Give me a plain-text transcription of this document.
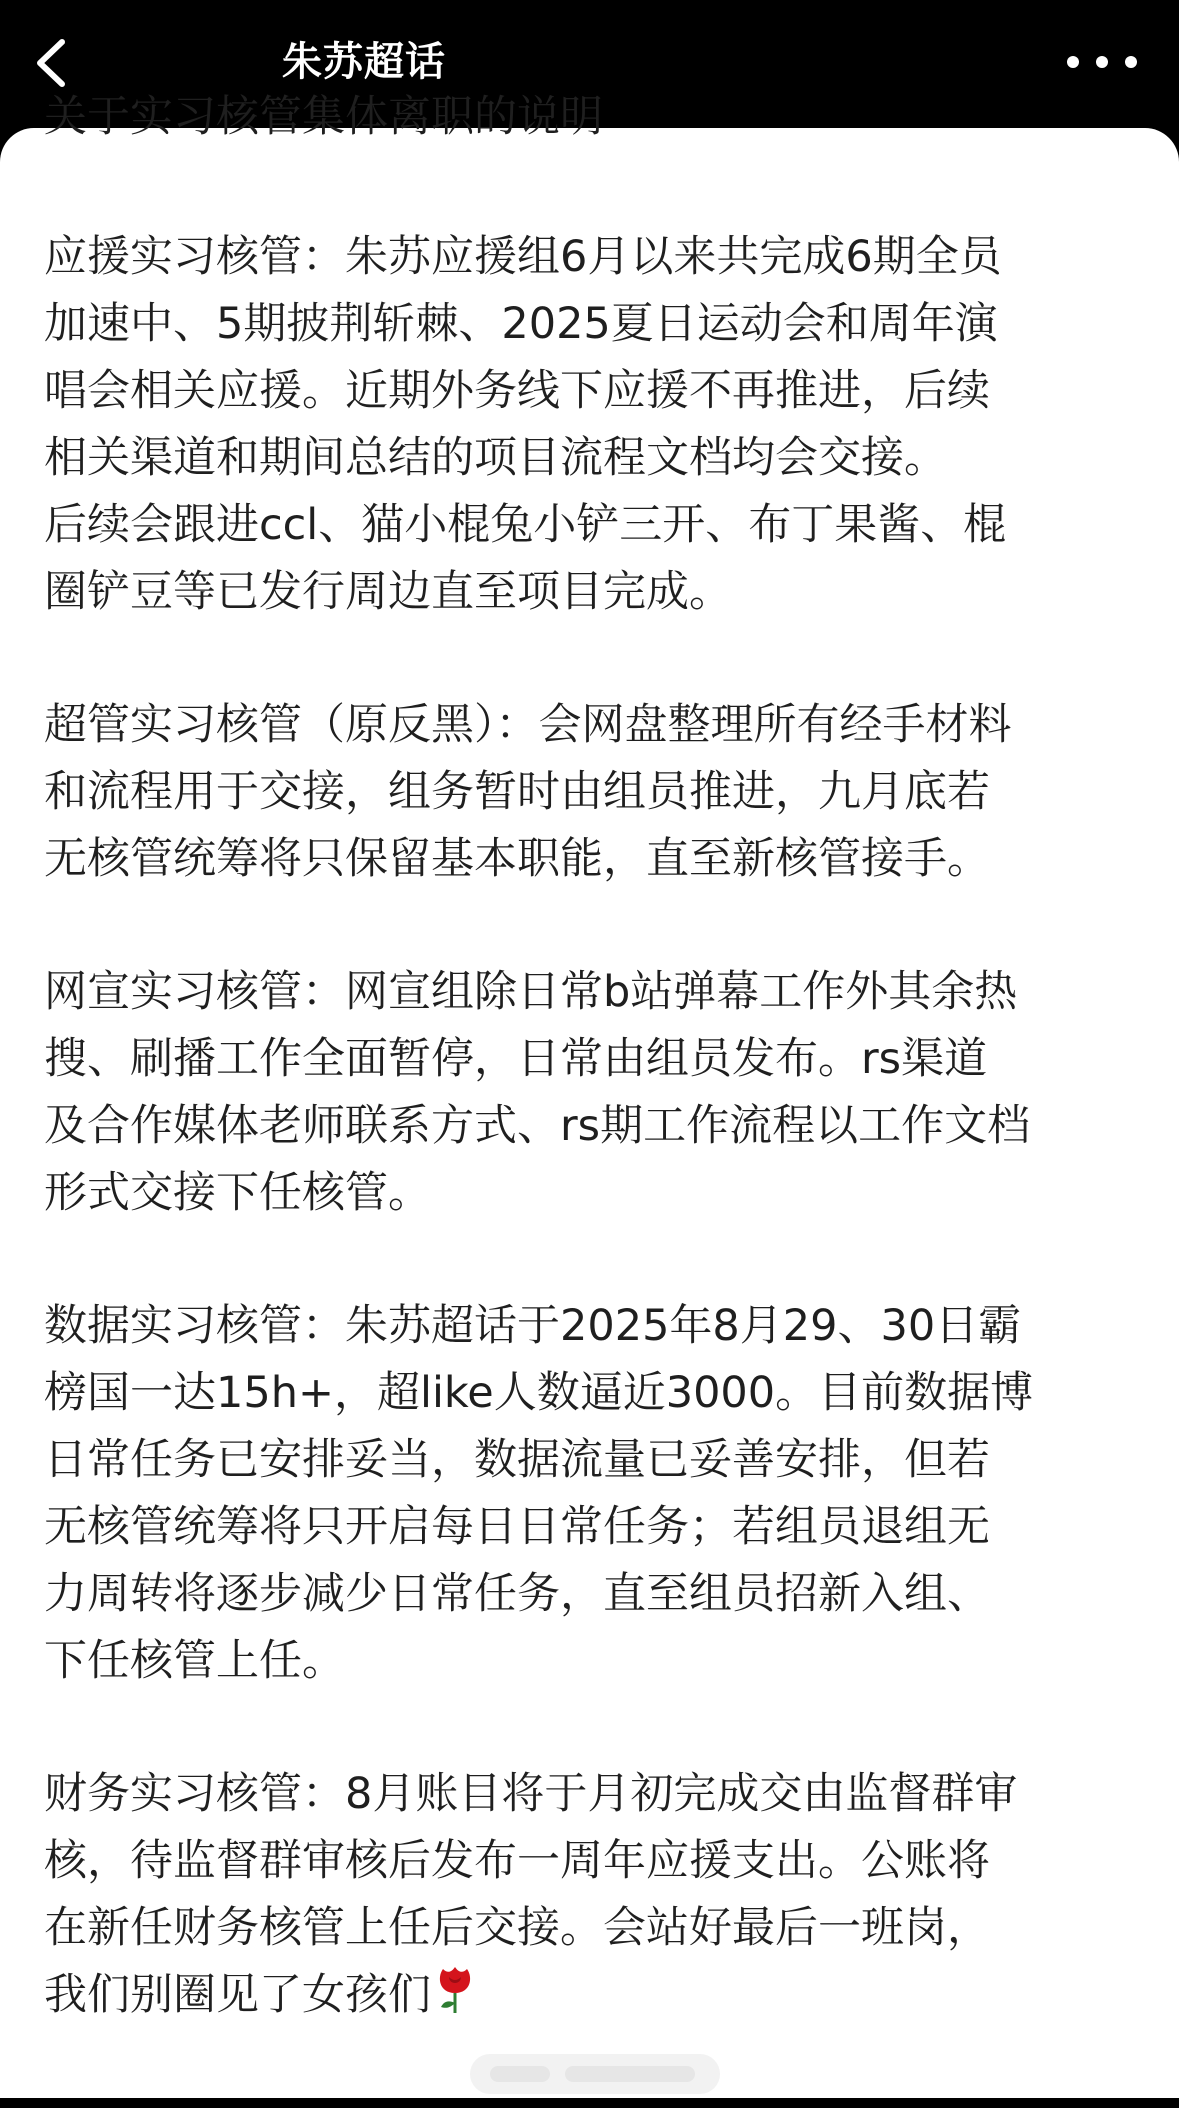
朱苏超话
关于实习核管集体离职的说明
应援实习核管：朱苏应援组6月以来共完成6期全员
加速中、5期披荆斩棘、2025夏日运动会和周年演
唱会相关应援。近期外务线下应援不再推进，后续
相关渠道和期间总结的项目流程文档均会交接。
后续会跟进ccl、猫小棍兔小铲三开、布丁果酱、棍
圈铲豆等已发行周边直至项目完成。
超管实习核管（原反黑）：会网盘整理所有经手材料
和流程用于交接，组务暂时由组员推进，九月底若
无核管统筹将只保留基本职能，直至新核管接手。
网宣实习核管：网宣组除日常b站弹幕工作外其余热
搜、刷播工作全面暂停，日常由组员发布。rs渠道
及合作媒体老师联系方式、rs期工作流程以工作文档
形式交接下任核管。
数据实习核管：朱苏超话于2025年8月29、30日霸
榜国一达15h+，超like人数逼近3000。目前数据博
日常任务已安排妥当，数据流量已妥善安排，但若
无核管统筹将只开启每日日常任务；若组员退组无
力周转将逐步减少日常任务，直至组员招新入组、
下任核管上任。
财务实习核管：8月账目将于月初完成交由监督群审
核，待监督群审核后发布一周年应援支出。公账将
在新任财务核管上任后交接。会站好最后一班岗，
我们别圈见了女孩们
